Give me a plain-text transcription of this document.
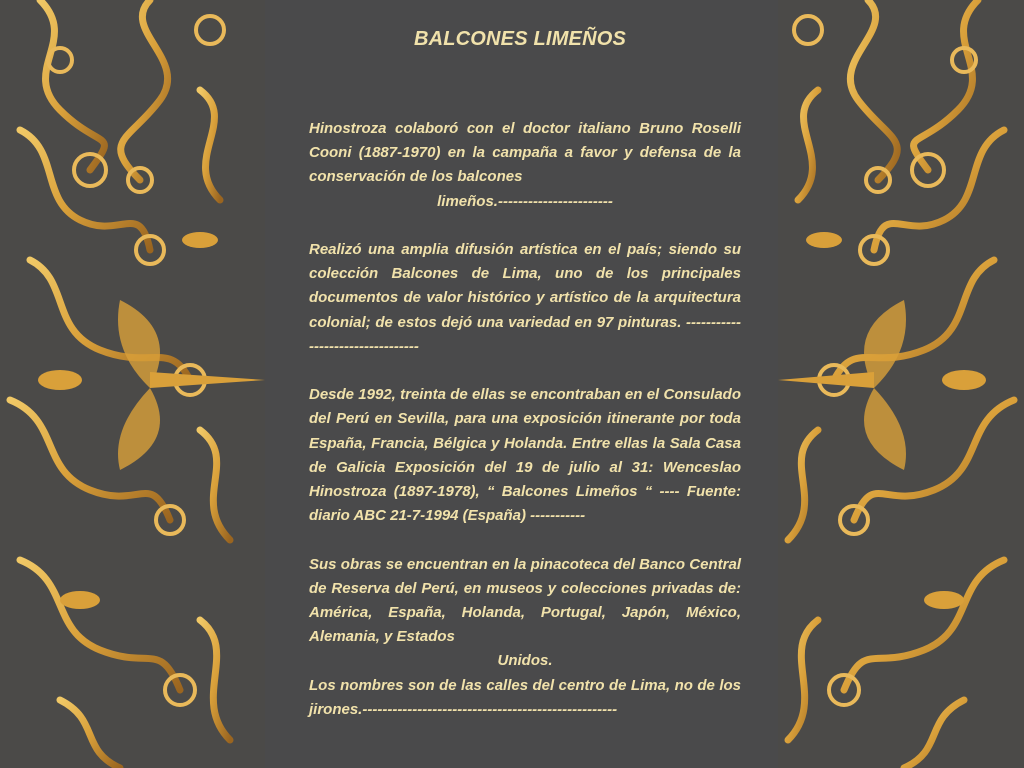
BALCONES LIMEÑOS

Hinostroza colaboró con el doctor italiano Bruno Roselli Cooni (1887-1970) en la campaña a favor y defensa de la conservación de los balcones

limeños.-----------------------

Realizó una amplia difusión artística en el país; siendo su colección Balcones de Lima, uno de los principales documentos de valor histórico y artístico de la arquitectura colonial; de estos dejó una variedad en 97 pinturas. ---------------------------------

Desde 1992, treinta de ellas se encontraban en el Consulado del Perú en Sevilla, para una exposición itinerante por toda España, Francia, Bélgica y Holanda. Entre ellas la Sala Casa de Galicia Exposición del 19 de julio al 31: Wenceslao Hinostroza (1897-1978), “ Balcones Limeños “ ---- Fuente: diario ABC 21-7-1994 (España) -----------

Sus obras se encuentran en la pinacoteca del Banco Central de Reserva del Perú, en museos y colecciones privadas de: América, España, Holanda, Portugal, Japón, México, Alemania, y Estados

Unidos.

Los nombres son de las calles del centro de Lima, no de los jirones.---------------------------------------------------
